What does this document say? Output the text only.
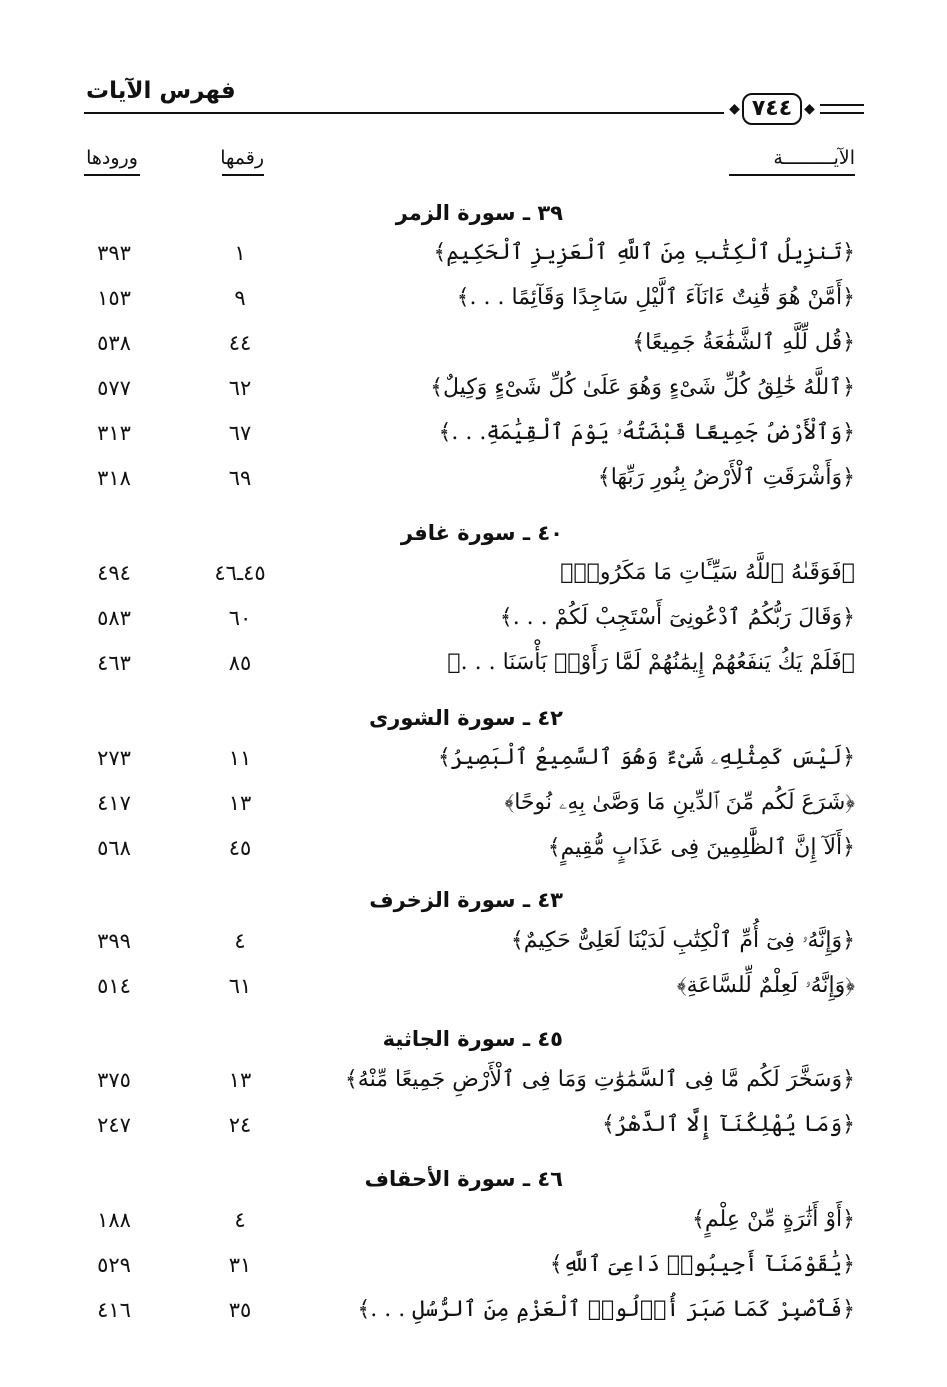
فهرس الآيات
◆ ٧٤٤ ◆
الآيـــــــــة
رقمها
ورودها
٣٩ ـ سورة الزمر
﴿تَنزِيلُ ٱلْكِتَٰبِ مِنَ ٱللَّهِ ٱلْعَزِيزِ ٱلْحَكِيمِ﴾
١
٣٩٣
﴿أَمَّنْ هُوَ قَٰنِتٌ ءَانَآءَ ٱلَّيْلِ سَاجِدًا وَقَآئِمًا . . .﴾
٩
١٥٣
﴿قُل لِّلَّهِ ٱلشَّفَٰعَةُ جَمِيعًا﴾
٤٤
٥٣٨
﴿ٱللَّهُ خَٰلِقُ كُلِّ شَىْءٍ وَهُوَ عَلَىٰ كُلِّ شَىْءٍ وَكِيلٌ﴾
٦٢
٥٧٧
﴿وَٱلْأَرْضُ جَمِيعًا قَبْضَتُهُۥ يَوْمَ ٱلْقِيَٰمَةِ. . .﴾
٦٧
٣١٣
﴿وَأَشْرَقَتِ ٱلْأَرْضُ بِنُورِ رَبِّهَا﴾
٦٩
٣١٨
٤٠ ـ سورة غافر
﴿فَوَقَىٰهُ ٱللَّهُ سَيِّـَٔاتِ مَا مَكَرُوا۟﴾
٤٥ـ٤٦
٤٩٤
﴿وَقَالَ رَبُّكُمُ ٱدْعُونِىٓ أَسْتَجِبْ لَكُمْ . . .﴾
٦٠
٥٨٣
﴿فَلَمْ يَكُ يَنفَعُهُمْ إِيمَٰنُهُمْ لَمَّا رَأَوْا۟ بَأْسَنَا . . .﴾
٨٥
٤٦٣
٤٢ ـ سورة الشورى
﴿لَيْسَ كَمِثْلِهِۦ شَىْءٌ وَهُوَ ٱلسَّمِيعُ ٱلْبَصِيرُ﴾
١١
٢٧٣
﴿شَرَعَ لَكُم مِّنَ ٱلدِّينِ مَا وَصَّىٰ بِهِۦ نُوحًا﴾
١٣
٤١٧
﴿أَلَآ إِنَّ ٱلظَّٰلِمِينَ فِى عَذَابٍ مُّقِيمٍ﴾
٤٥
٥٦٨
٤٣ ـ سورة الزخرف
﴿وَإِنَّهُۥ فِىٓ أُمِّ ٱلْكِتَٰبِ لَدَيْنَا لَعَلِىٌّ حَكِيمٌ﴾
٤
٣٩٩
﴿وَإِنَّهُۥ لَعِلْمٌ لِّلسَّاعَةِ﴾
٦١
٥١٤
٤٥ ـ سورة الجاثية
﴿وَسَخَّرَ لَكُم مَّا فِى ٱلسَّمَٰوَٰتِ وَمَا فِى ٱلْأَرْضِ جَمِيعًا مِّنْهُ﴾
١٣
٣٧٥
﴿وَمَا يُهْلِكُنَآ إِلَّا ٱلدَّهْرُ﴾
٢٤
٢٤٧
٤٦ ـ سورة الأحقاف
﴿أَوْ أَثَٰرَةٍ مِّنْ عِلْمٍ﴾
٤
١٨٨
﴿يَٰقَوْمَنَآ أَجِيبُوا۟ دَاعِىَ ٱللَّهِ﴾
٣١
٥٢٩
﴿فَٱصْبِرْ كَمَا صَبَرَ أُو۟لُوا۟ ٱلْعَزْمِ مِنَ ٱلرُّسُلِ . . .﴾
٣٥
٤١٦
